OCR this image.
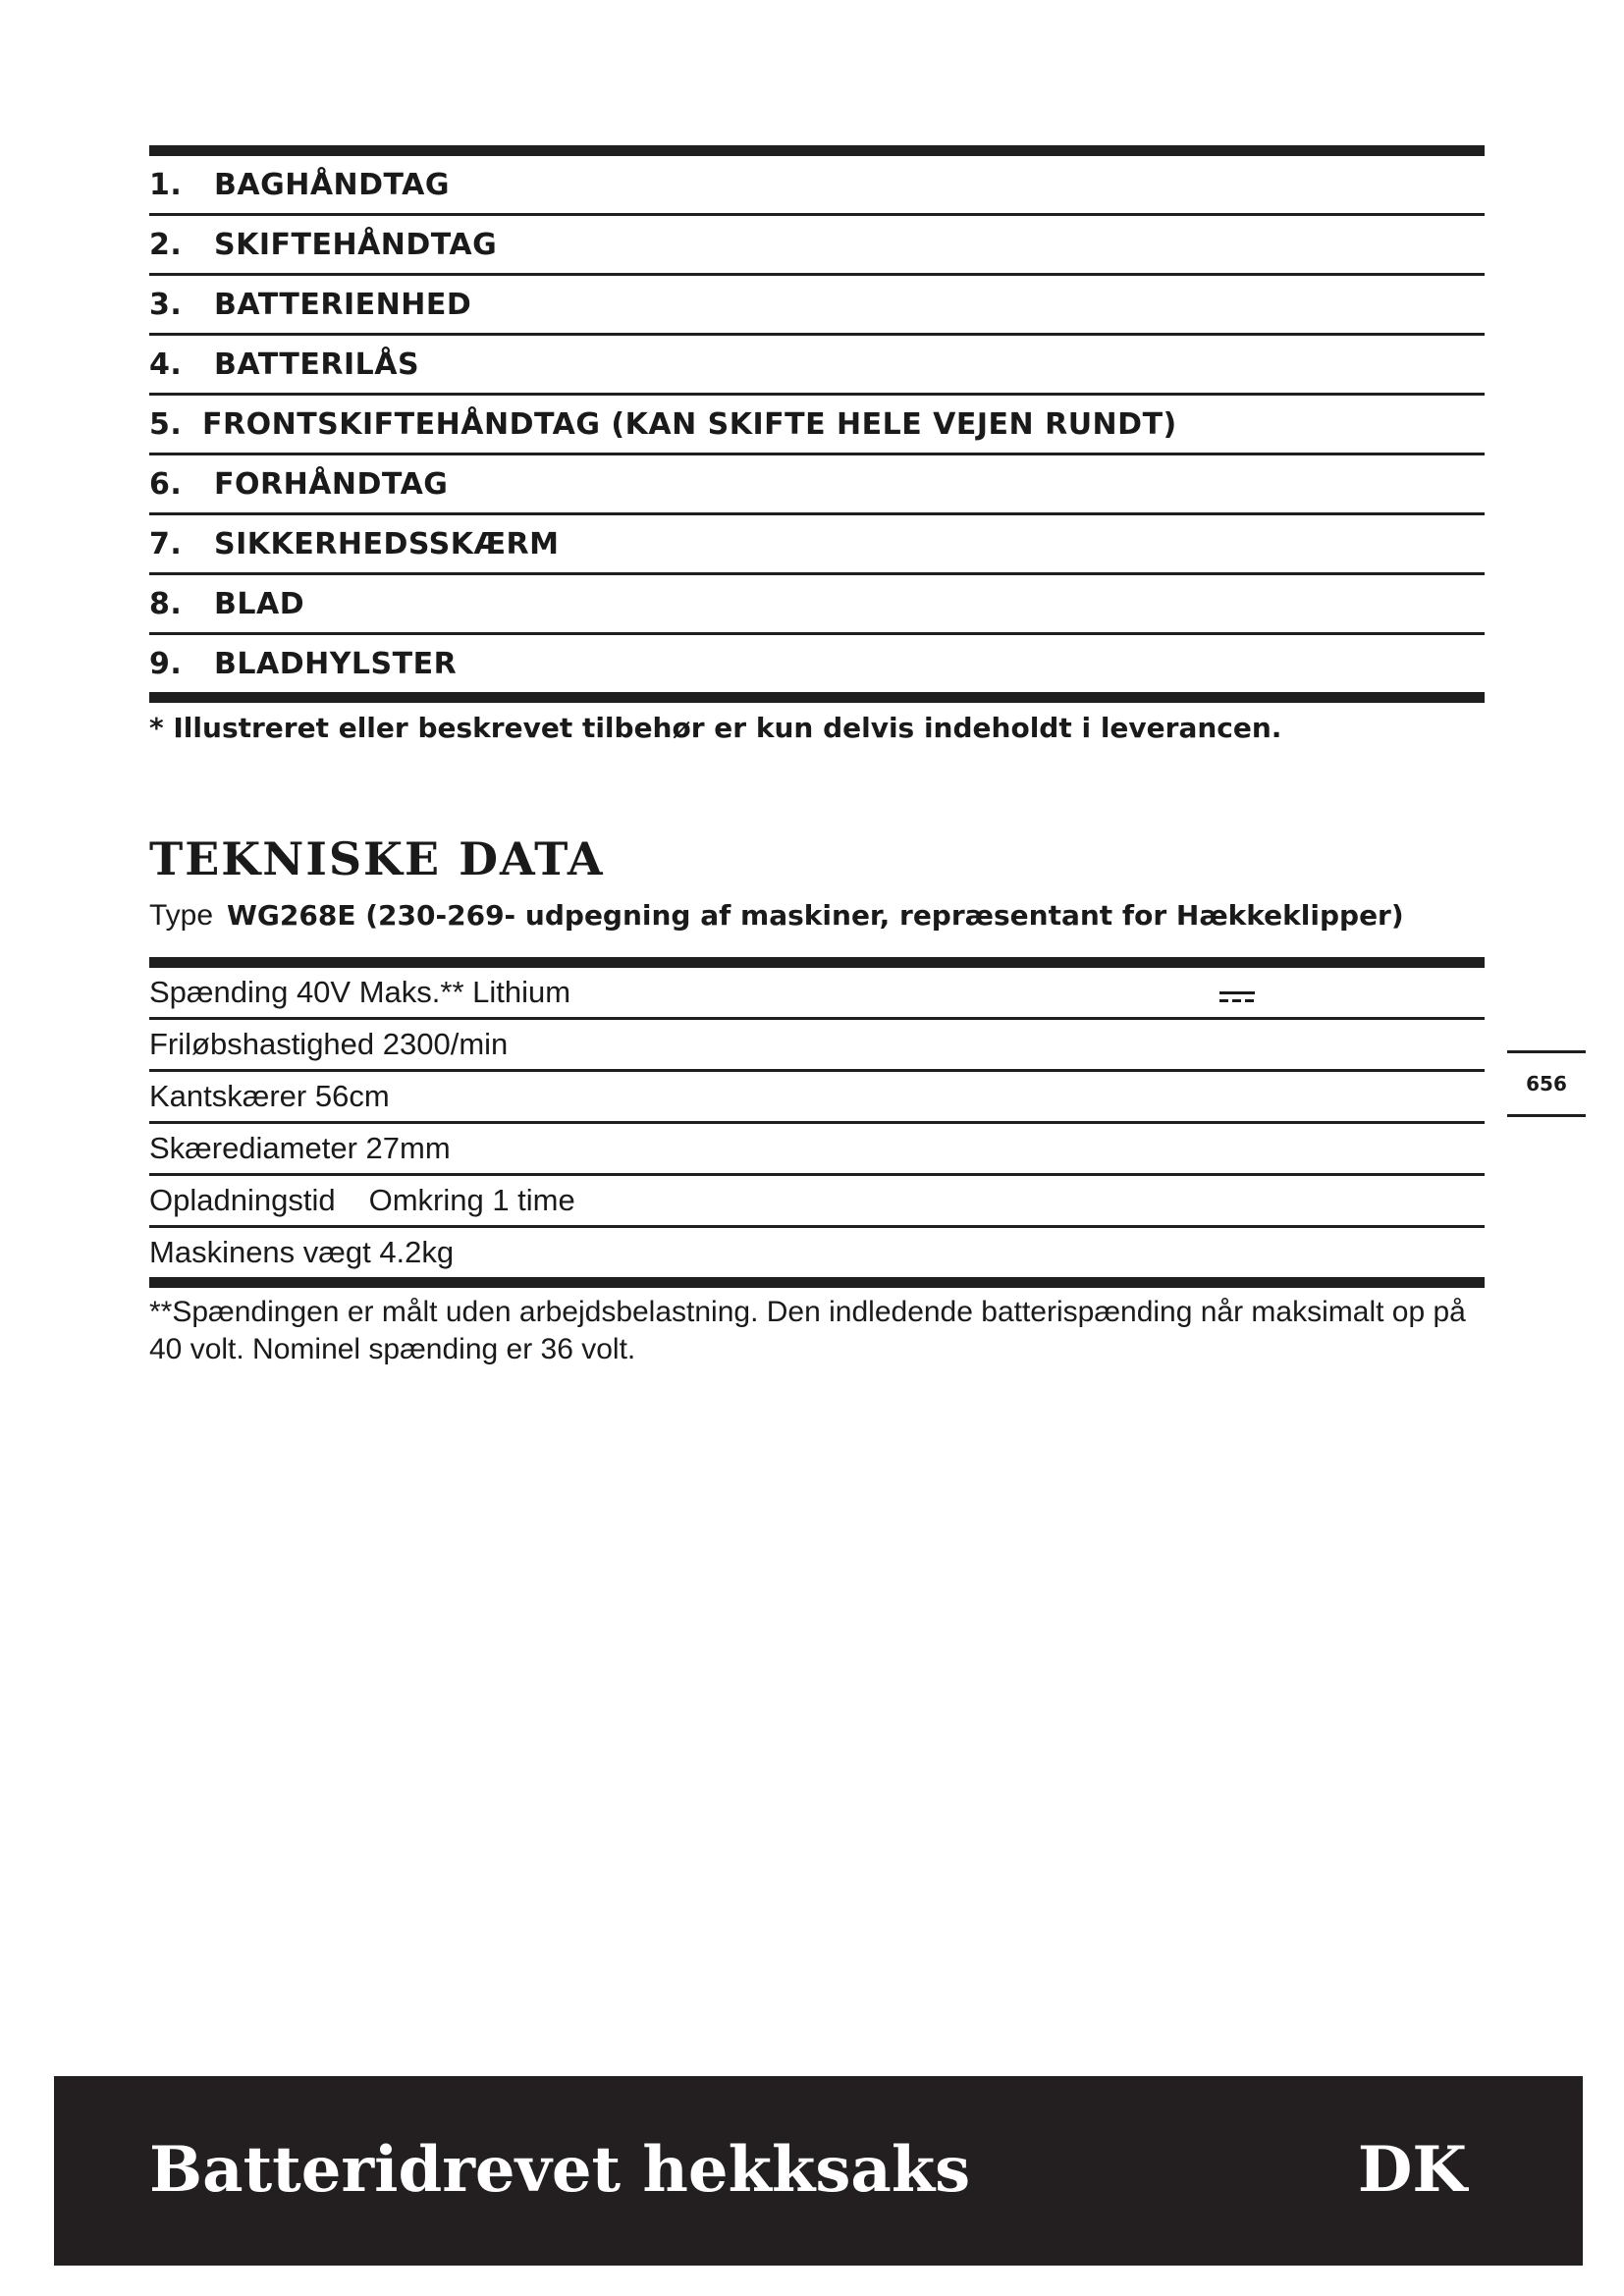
1.	BAGHÅNDTAG
2.	SKIFTEHÅNDTAG
3.	BATTERIENHED
4.	BATTERILÅS
5. FRONTSKIFTEHÅNDTAG (KAN SKIFTE HELE VEJEN RUNDT)
6.	FORHÅNDTAG
7.	SIKKERHEDSSKÆRM
8.	BLAD
9.	BLADHYLSTER
* Illustreret eller beskrevet tilbehør er kun delvis indeholdt i leverancen.
TEKNISKE DATA
Type WG268E (230-269- udpegning af maskiner, repræsentant for Hækkeklipper)
Spænding 40V Maks.** Lithium
Friløbshastighed 2300/min
Kantskærer 56cm
Skærediameter 27mm
Opladningstid Omkring 1 time
Maskinens vægt 4.2kg
**Spændingen er målt uden arbejdsbelastning. Den indledende batterispænding når maksimalt op på 40 volt. Nominel spænding er 36 volt.
656
Batteridrevet hekksaks	DK
